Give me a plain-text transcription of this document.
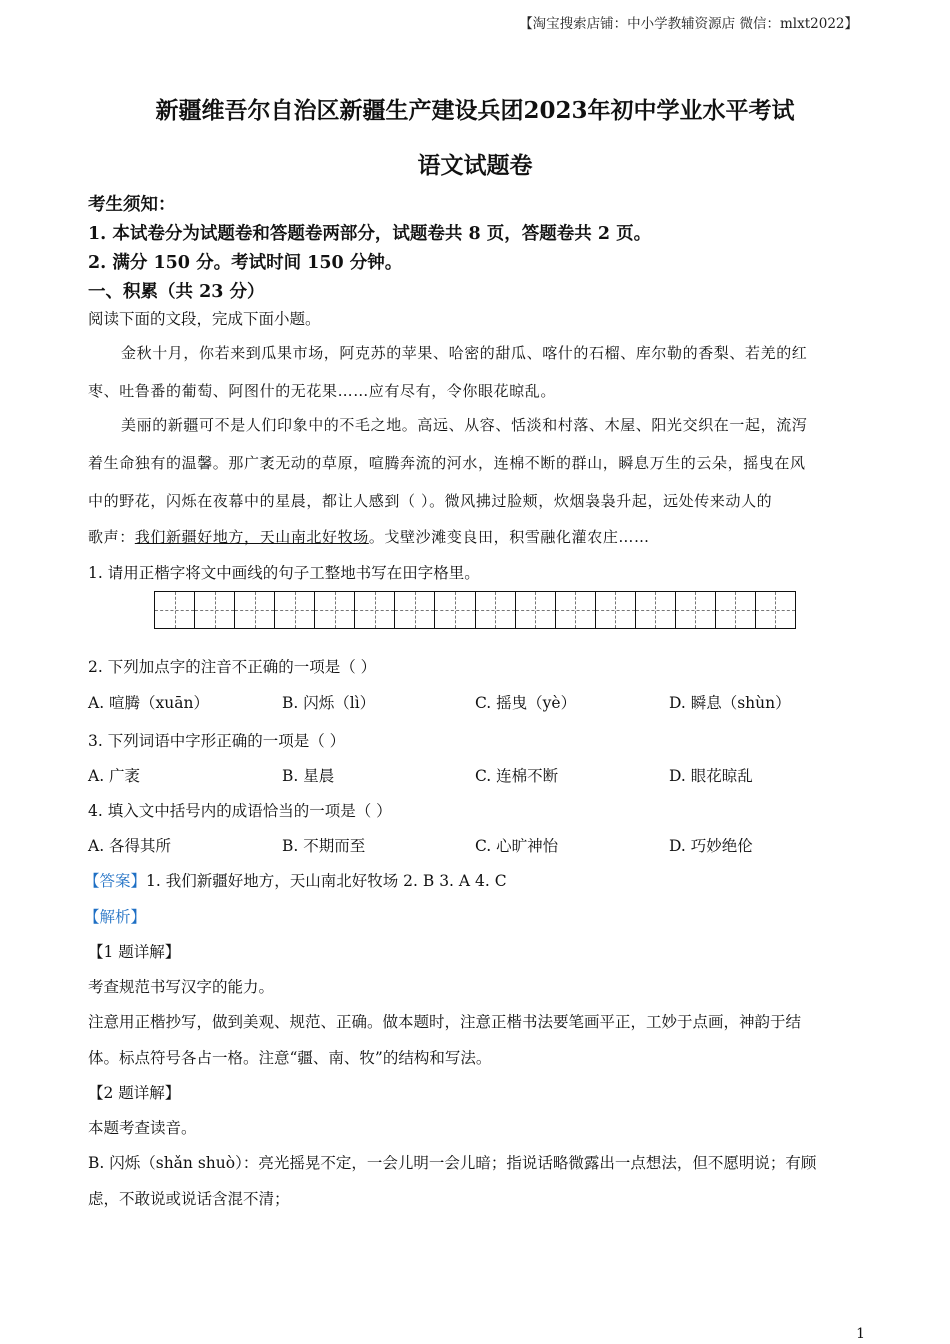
【淘宝搜索店铺：中小学教辅资源店 微信：mlxt2022】
新疆维吾尔自治区新疆生产建设兵团2023年初中学业水平考试
语文试题卷
考生须知：
1. 本试卷分为试题卷和答题卷两部分，试题卷共 8 页，答题卷共 2 页。
2. 满分 150 分。考试时间 150 分钟。
一、积累（共 23 分）
阅读下面的文段，完成下面小题。
金秋十月，你若来到瓜果市场，阿克苏的苹果、哈密的甜瓜、喀什的石榴、库尔勒的香梨、若羌的红
枣、吐鲁番的葡萄、阿图什的无花果……应有尽有，令你眼花晾乱。
美丽的新疆可不是人们印象中的不毛之地。高远、从容、恬淡和村落、木屋、阳光交织在一起，流泻
着生命独有的温馨。那广袤无动的草原，喧腾奔流的河水，连棉不断的群山，瞬息万生的云朵，摇曳在风
中的野花，闪烁在夜幕中的星晨，都让人感到（ ）。微风拂过脸颊，炊烟袅袅升起，远处传来动人的
歌声：我们新疆好地方，天山南北好牧场。戈壁沙滩变良田，积雪融化灌农庄……
1. 请用正楷字将文中画线的句子工整地书写在田字格里。
2. 下列加点字的注音不正确的一项是（ ）
A. 喧腾（xuān）	B. 闪烁（lì）	C. 摇曳（yè）	D. 瞬息（shùn）
3. 下列词语中字形正确的一项是（ ）
A. 广袤	B. 星晨	C. 连棉不断	D. 眼花晾乱
4. 填入文中括号内的成语恰当的一项是（ ）
A. 各得其所	B. 不期而至	C. 心旷神怡	D. 巧妙绝伦
【答案】1. 我们新疆好地方，天山南北好牧场 2. B 3. A 4. C
【解析】
【1 题详解】
考查规范书写汉字的能力。
注意用正楷抄写，做到美观、规范、正确。做本题时，注意正楷书法要笔画平正，工妙于点画，神韵于结
体。标点符号各占一格。注意“疆、南、牧”的结构和写法。
【2 题详解】
本题考查读音。
B. 闪烁（shǎn shuò）：亮光摇晃不定，一会儿明一会儿暗；指说话略微露出一点想法，但不愿明说；有顾
虑，不敢说或说话含混不清；
1
